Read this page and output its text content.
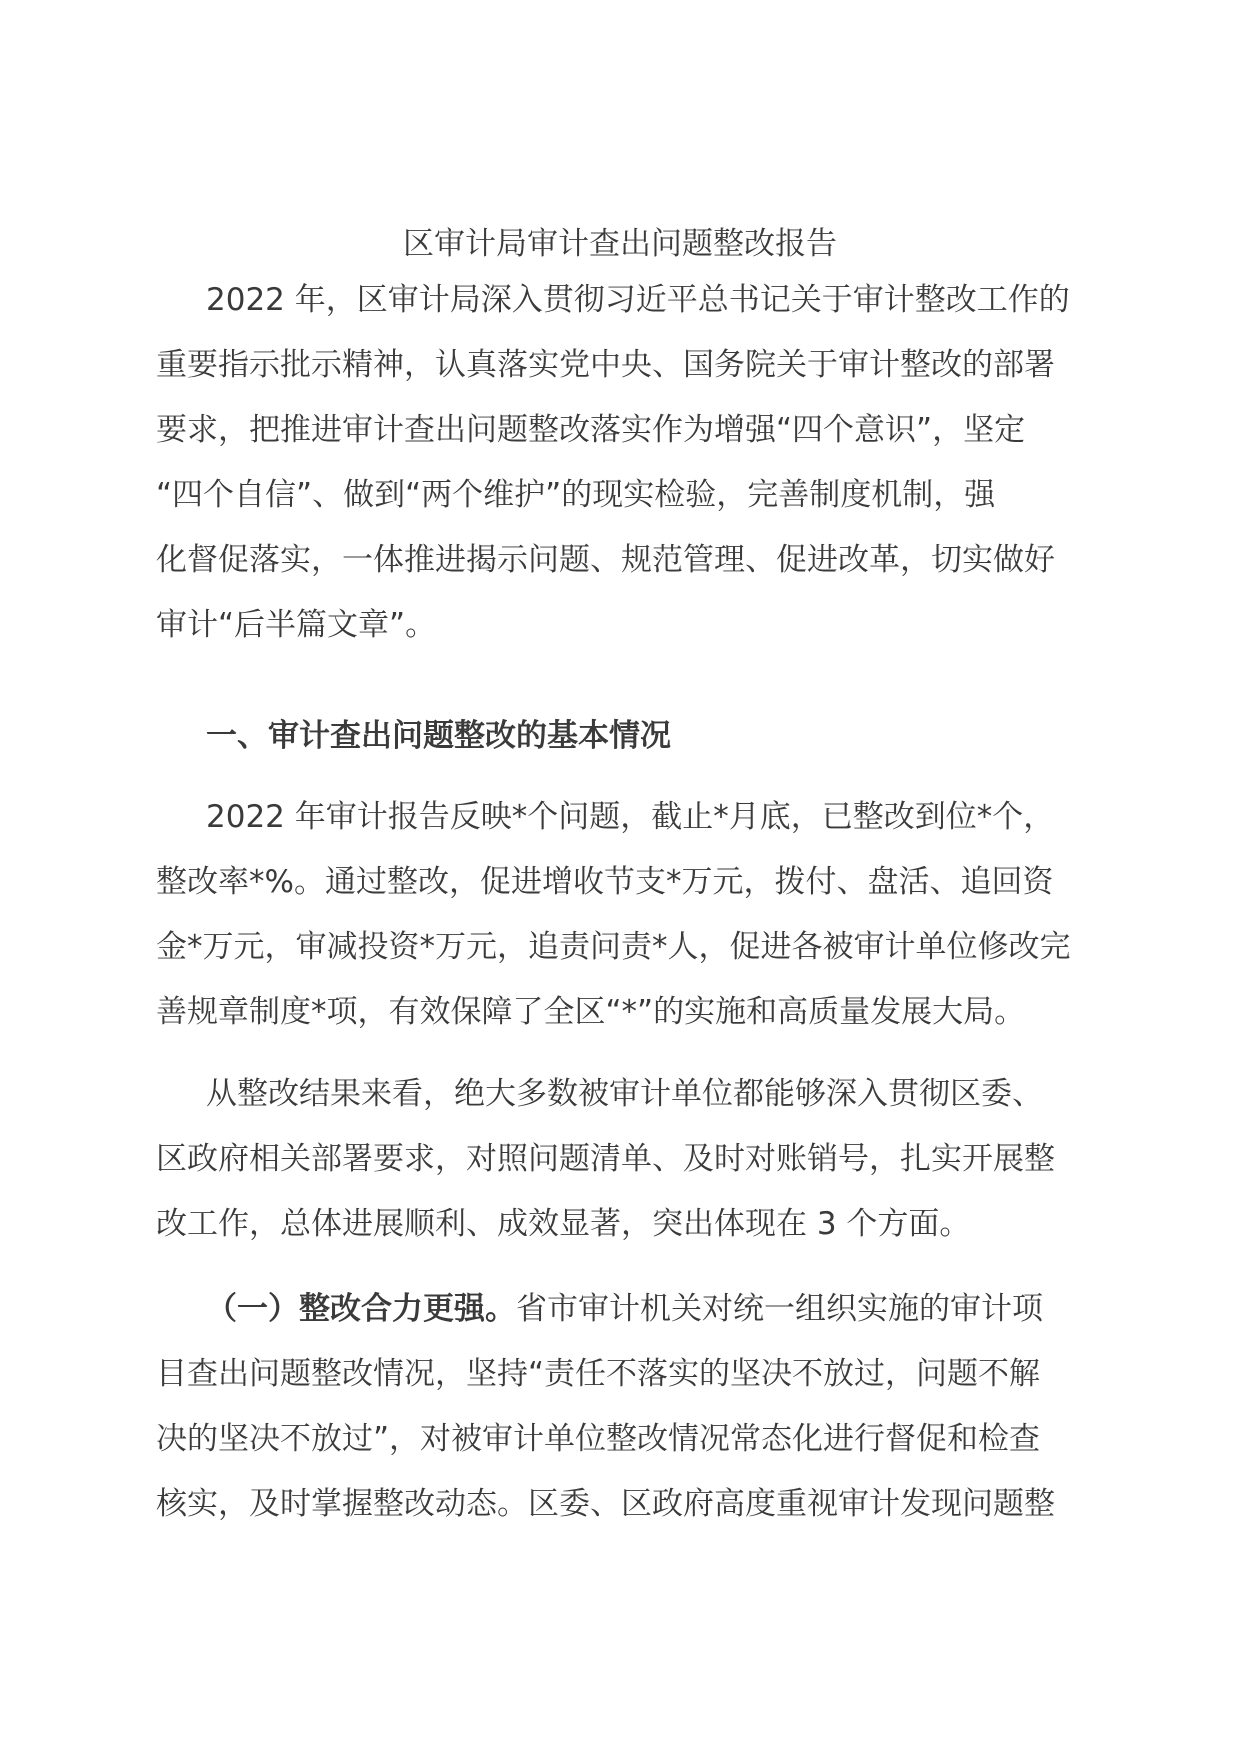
区审计局审计查出问题整改报告
2022 年，区审计局深入贯彻习近平总书记关于审计整改工作的
重要指示批示精神，认真落实党中央、国务院关于审计整改的部署
要求，把推进审计查出问题整改落实作为增强“四个意识”，坚定
“四个自信”、做到“两个维护”的现实检验，完善制度机制，强
化督促落实，一体推进揭示问题、规范管理、促进改革，切实做好
审计“后半篇文章”。
一、审计查出问题整改的基本情况
2022 年审计报告反映*个问题，截止*月底，已整改到位*个，
整改率*%。通过整改，促进增收节支*万元，拨付、盘活、追回资
金*万元，审减投资*万元，追责问责*人，促进各被审计单位修改完
善规章制度*项，有效保障了全区“*”的实施和高质量发展大局。
从整改结果来看，绝大多数被审计单位都能够深入贯彻区委、
区政府相关部署要求，对照问题清单、及时对账销号，扎实开展整
改工作，总体进展顺利、成效显著，突出体现在 3 个方面。
（一）整改合力更强。省市审计机关对统一组织实施的审计项
目查出问题整改情况，坚持“责任不落实的坚决不放过，问题不解
决的坚决不放过”，对被审计单位整改情况常态化进行督促和检查
核实，及时掌握整改动态。区委、区政府高度重视审计发现问题整
